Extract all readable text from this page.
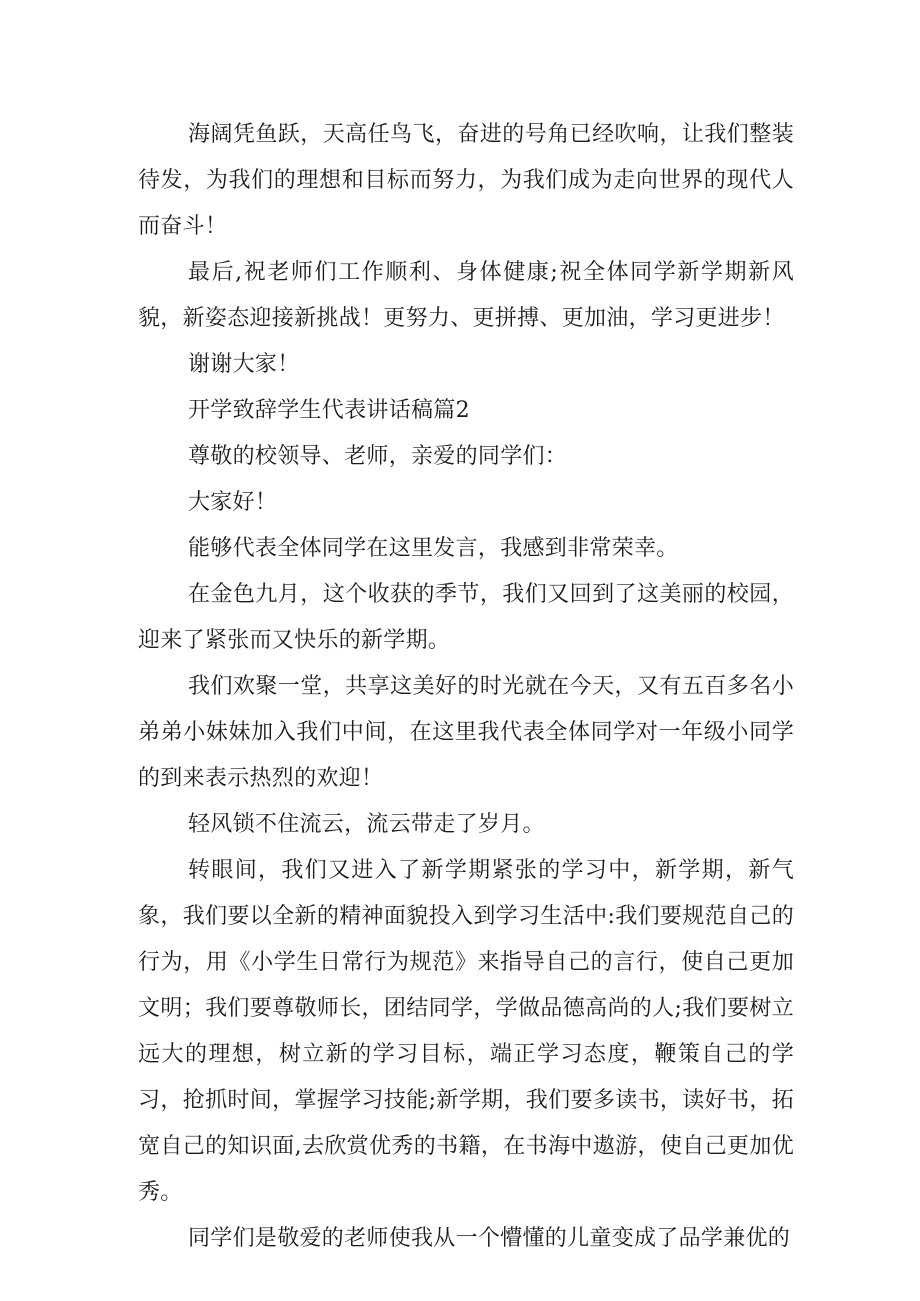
海阔凭鱼跃，天高任鸟飞，奋进的号角已经吹响，让我们整装待发，为我们的理想和目标而努力，为我们成为走向世界的现代人而奋斗！

最后,祝老师们工作顺利、身体健康;祝全体同学新学期新风貌，新姿态迎接新挑战！更努力、更拼搏、更加油，学习更进步！

谢谢大家！

开学致辞学生代表讲话稿篇2

尊敬的校领导、老师，亲爱的同学们：

大家好！

能够代表全体同学在这里发言，我感到非常荣幸。

在金色九月，这个收获的季节，我们又回到了这美丽的校园，迎来了紧张而又快乐的新学期。

我们欢聚一堂，共享这美好的时光就在今天，又有五百多名小弟弟小妹妹加入我们中间，在这里我代表全体同学对一年级小同学的到来表示热烈的欢迎！

轻风锁不住流云，流云带走了岁月。

转眼间，我们又进入了新学期紧张的学习中，新学期，新气象，我们要以全新的精神面貌投入到学习生活中:我们要规范自己的行为，用《小学生日常行为规范》来指导自己的言行，使自己更加文明；我们要尊敬师长，团结同学，学做品德高尚的人;我们要树立远大的理想，树立新的学习目标，端正学习态度，鞭策自己的学习，抢抓时间，掌握学习技能;新学期，我们要多读书，读好书，拓宽自己的知识面,去欣赏优秀的书籍，在书海中遨游，使自己更加优秀。

同学们是敬爱的老师使我从一个懵懂的儿童变成了品学兼优的
